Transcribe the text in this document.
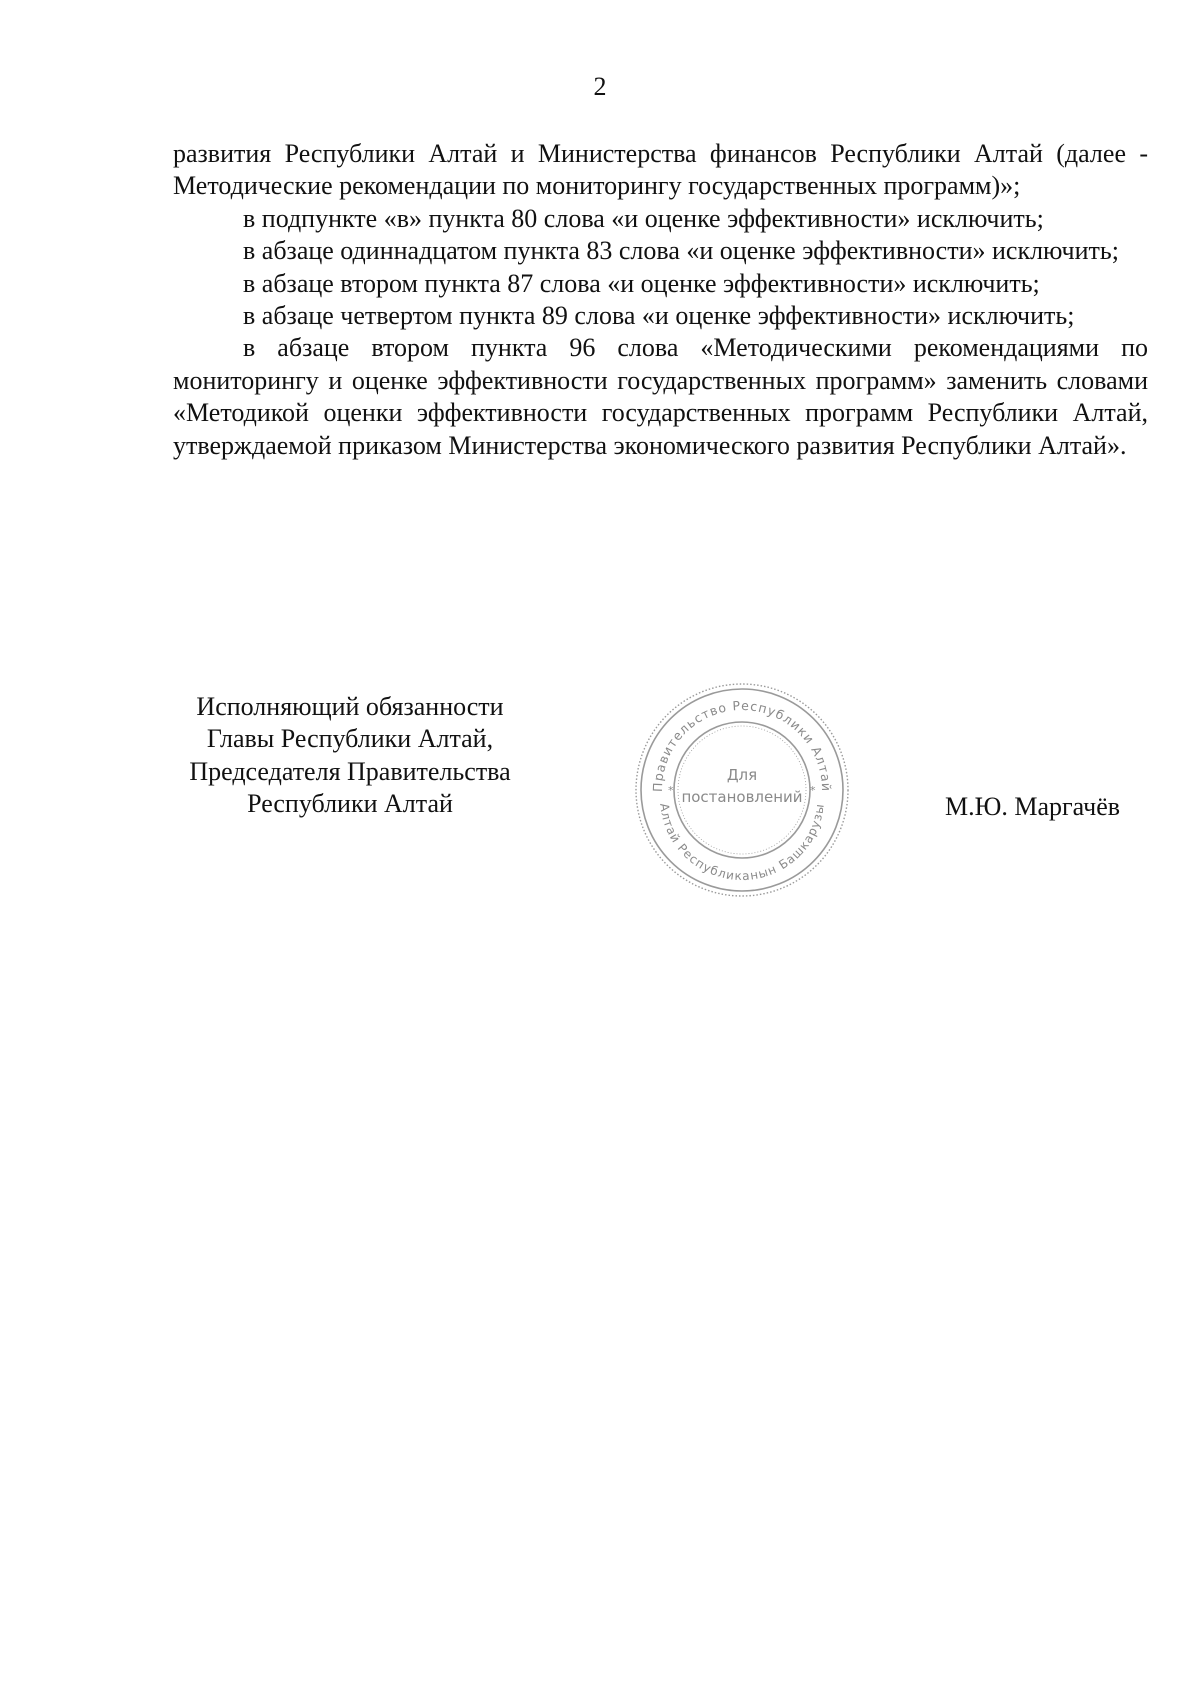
2

развития Республики Алтай и Министерства финансов Республики Алтай (далее - Методические рекомендации по мониторингу государственных программ)»;

в подпункте «в» пункта 80 слова «и оценке эффективности» исключить;

в абзаце одиннадцатом пункта 83 слова «и оценке эффективности» исключить;

в абзаце втором пункта 87 слова «и оценке эффективности» исключить;

в абзаце четвертом пункта 89 слова «и оценке эффективности» исключить;

в абзаце втором пункта 96 слова «Методическими рекомендациями по мониторингу и оценке эффективности государственных программ» заменить словами «Методикой оценки эффективности государственных программ Республики Алтай, утверждаемой приказом Министерства экономического развития Республики Алтай».

Исполняющий обязанности
Главы Республики Алтай,
Председателя Правительства
Республики Алтай
Правительство Республики Алтай
Алтай Республиканын Башкарузы
*	*
Для
постановлений	М.Ю. Маргачёв
